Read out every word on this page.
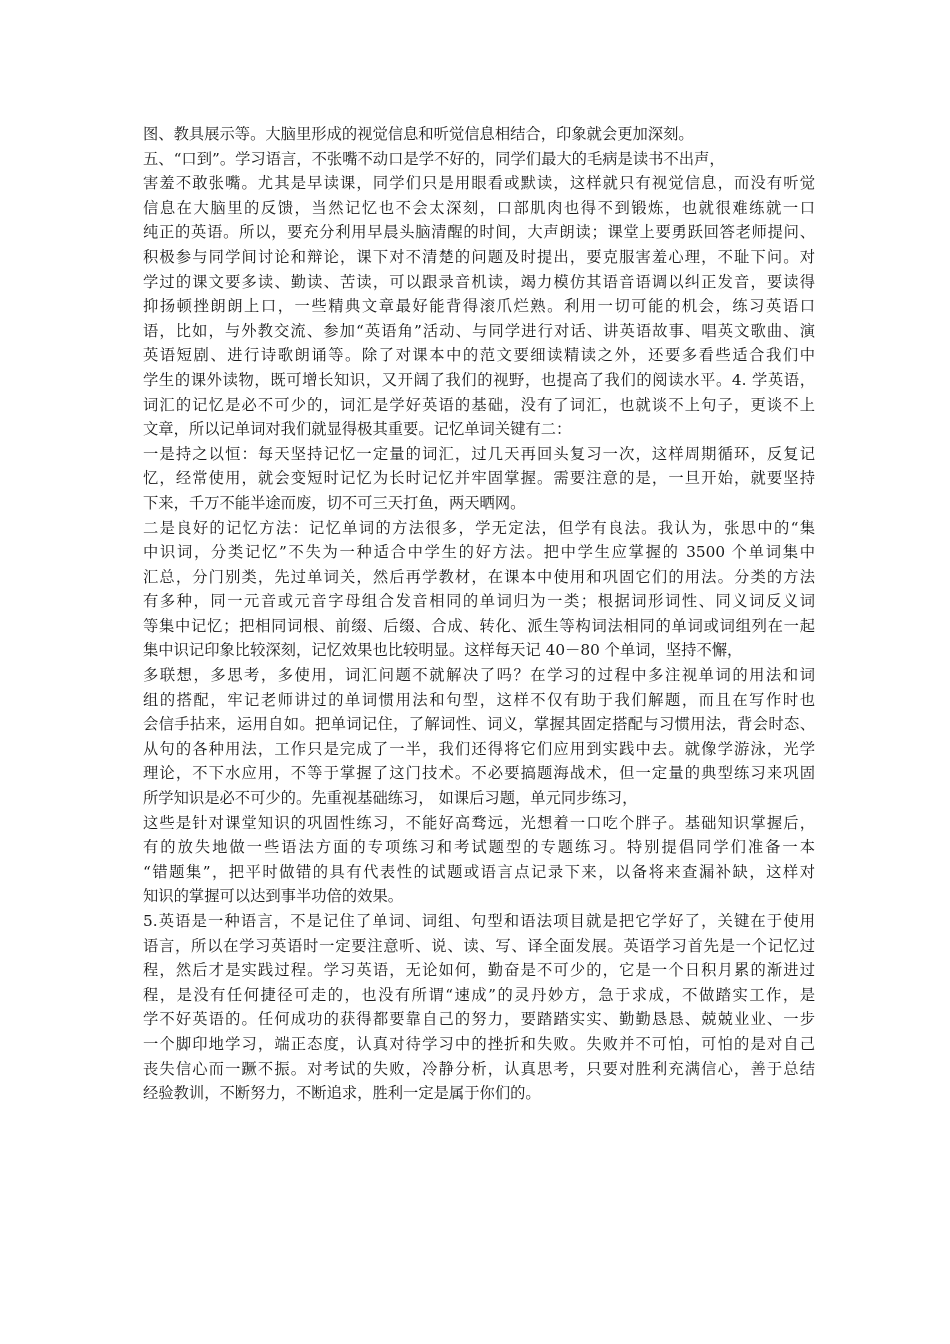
图、教具展示等。大脑里形成的视觉信息和听觉信息相结合，印象就会更加深刻。
五、“口到”。学习语言，不张嘴不动口是学不好的，同学们最大的毛病是读书不出声，
害羞不敢张嘴。尤其是早读课，同学们只是用眼看或默读，这样就只有视觉信息，而没有听觉
信息在大脑里的反馈，当然记忆也不会太深刻，口部肌肉也得不到锻炼，也就很难练就一口
纯正的英语。所以，要充分利用早晨头脑清醒的时间，大声朗读；课堂上要勇跃回答老师提问、
积极参与同学间讨论和辩论，课下对不清楚的问题及时提出，要克服害羞心理，不耻下问。对
学过的课文要多读、勤读、苦读，可以跟录音机读，竭力模仿其语音语调以纠正发音，要读得
抑扬顿挫朗朗上口，一些精典文章最好能背得滚爪烂熟。利用一切可能的机会，练习英语口
语，比如，与外教交流、参加“英语角”活动、与同学进行对话、讲英语故事、唱英文歌曲、演
英语短剧、进行诗歌朗诵等。除了对课本中的范文要细读精读之外，还要多看些适合我们中
学生的课外读物，既可增长知识，又开阔了我们的视野，也提高了我们的阅读水平。4. 学英语，
词汇的记忆是必不可少的，词汇是学好英语的基础，没有了词汇，也就谈不上句子，更谈不上
文章，所以记单词对我们就显得极其重要。记忆单词关键有二：
一是持之以恒：每天坚持记忆一定量的词汇，过几天再回头复习一次，这样周期循环，反复记
忆，经常使用，就会变短时记忆为长时记忆并牢固掌握。需要注意的是，一旦开始，就要坚持
下来，千万不能半途而废，切不可三天打鱼，两天晒网。
二是良好的记忆方法：记忆单词的方法很多，学无定法，但学有良法。我认为，张思中的“集
中识词，分类记忆”不失为一种适合中学生的好方法。把中学生应掌握的 3500 个单词集中
汇总，分门别类，先过单词关，然后再学教材，在课本中使用和巩固它们的用法。分类的方法
有多种，同一元音或元音字母组合发音相同的单词归为一类；根据词形词性、同义词反义词
等集中记忆；把相同词根、前缀、后缀、合成、转化、派生等构词法相同的单词或词组列在一起
集中识记印象比较深刻，记忆效果也比较明显。这样每天记 40－80 个单词，坚持不懈，
多联想，多思考，多使用，词汇问题不就解决了吗？在学习的过程中多注视单词的用法和词
组的搭配，牢记老师讲过的单词惯用法和句型，这样不仅有助于我们解题，而且在写作时也
会信手拈来，运用自如。把单词记住，了解词性、词义，掌握其固定搭配与习惯用法，背会时态、
从句的各种用法，工作只是完成了一半，我们还得将它们应用到实践中去。就像学游泳，光学
理论，不下水应用，不等于掌握了这门技术。不必要搞题海战术，但一定量的典型练习来巩固
所学知识是必不可少的。先重视基础练习， 如课后习题，单元同步练习，
这些是针对课堂知识的巩固性练习，不能好高骛远，光想着一口吃个胖子。基础知识掌握后，
有的放失地做一些语法方面的专项练习和考试题型的专题练习。特别提倡同学们准备一本
“错题集”，把平时做错的具有代表性的试题或语言点记录下来，以备将来查漏补缺，这样对
知识的掌握可以达到事半功倍的效果。
5.英语是一种语言，不是记住了单词、词组、句型和语法项目就是把它学好了，关键在于使用
语言，所以在学习英语时一定要注意听、说、读、写、译全面发展。英语学习首先是一个记忆过
程，然后才是实践过程。学习英语，无论如何，勤奋是不可少的，它是一个日积月累的渐进过
程，是没有任何捷径可走的，也没有所谓“速成”的灵丹妙方，急于求成，不做踏实工作，是
学不好英语的。任何成功的获得都要靠自己的努力，要踏踏实实、勤勤恳恳、兢兢业业、一步
一个脚印地学习，端正态度，认真对待学习中的挫折和失败。失败并不可怕，可怕的是对自己
丧失信心而一蹶不振。对考试的失败，冷静分析，认真思考，只要对胜利充满信心，善于总结
经验教训，不断努力，不断追求，胜利一定是属于你们的。
